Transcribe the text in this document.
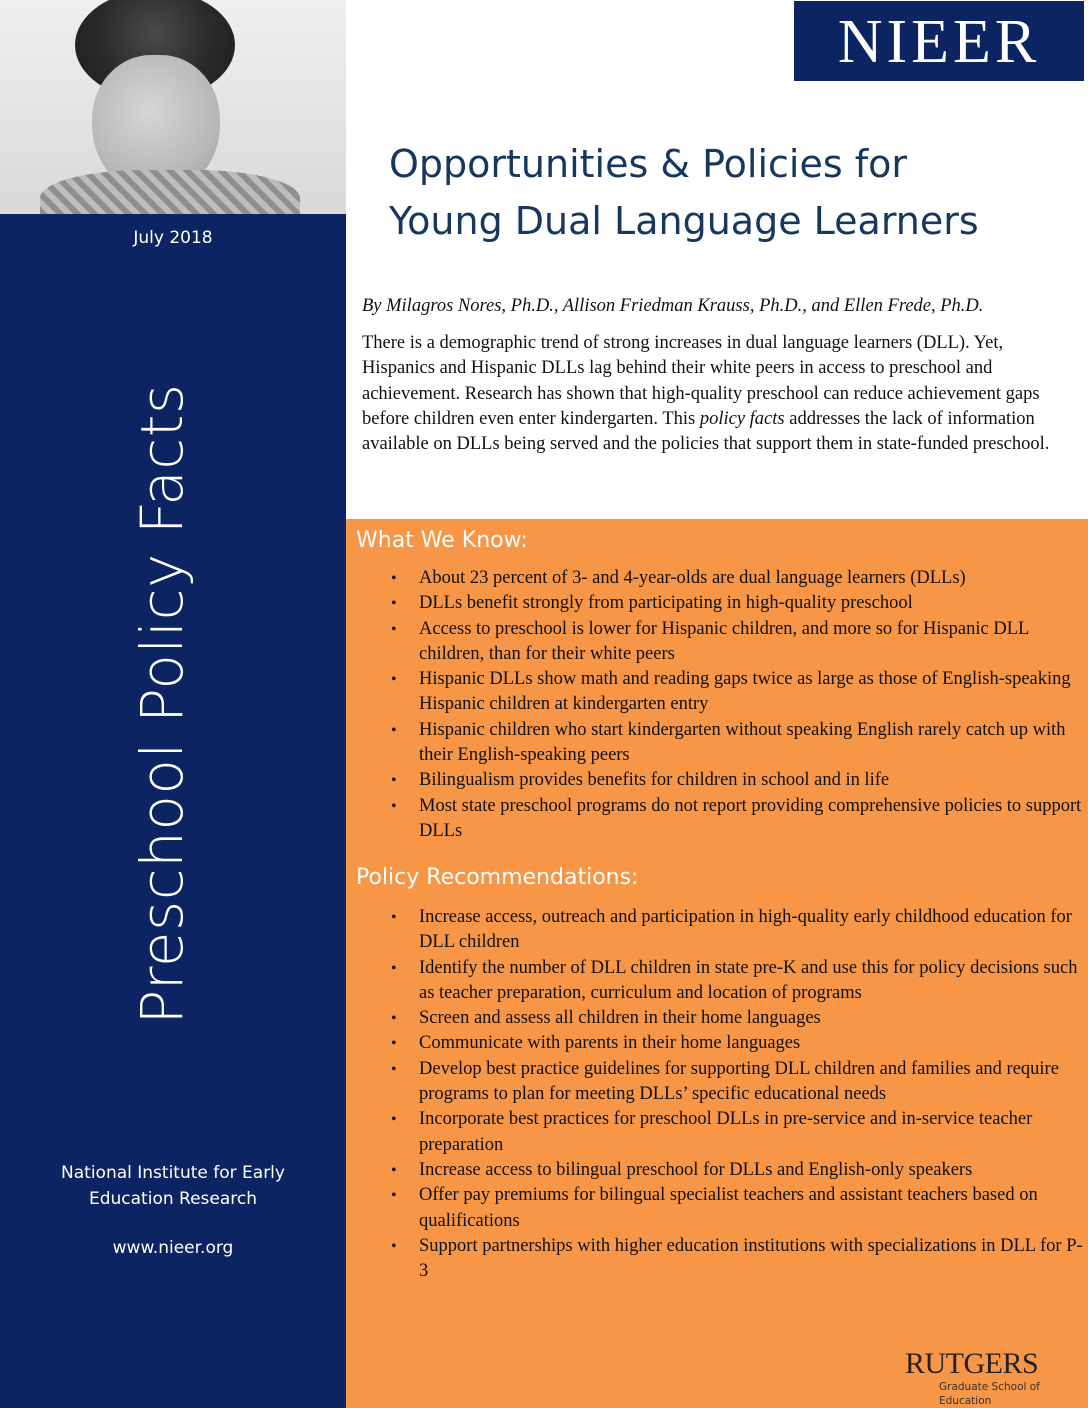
July 2018
Preschool Policy Facts
National Institute for Early
Education Research
www.nieer.org
NIEER
Opportunities & Policies for
Young Dual Language Learners
By Milagros Nores, Ph.D., Allison Friedman Krauss, Ph.D., and Ellen Frede, Ph.D.
There is a demographic trend of strong increases in dual language learners (DLL). Yet, Hispanics and Hispanic DLLs lag behind their white peers in access to preschool and achievement. Research has shown that high-quality preschool can reduce achievement gaps before children even enter kindergarten. This policy facts addresses the lack of information available on DLLs being served and the policies that support them in state-funded preschool.
What We Know:
• About 23 percent of 3- and 4-year-olds are dual language learners (DLLs)
• DLLs benefit strongly from participating in high-quality preschool
• Access to preschool is lower for Hispanic children, and more so for Hispanic DLL children, than for their white peers
• Hispanic DLLs show math and reading gaps twice as large as those of English-speaking Hispanic children at kindergarten entry
• Hispanic children who start kindergarten without speaking English rarely catch up with their English-speaking peers
• Bilingualism provides benefits for children in school and in life
• Most state preschool programs do not report providing comprehensive policies to support DLLs
Policy Recommendations:
• Increase access, outreach and participation in high-quality early childhood education for DLL children
• Identify the number of DLL children in state pre-K and use this for policy decisions such as teacher preparation, curriculum and location of programs
• Screen and assess all children in their home languages
• Communicate with parents in their home languages
• Develop best practice guidelines for supporting DLL children and families and require programs to plan for meeting DLLs’ specific educational needs
• Incorporate best practices for preschool DLLs in pre-service and in-service teacher preparation
• Increase access to bilingual preschool for DLLs and English-only speakers
• Offer pay premiums for bilingual specialist teachers and assistant teachers based on qualifications
• Support partnerships with higher education institutions with specializations in DLL for P-3
RUTGERS
Graduate School of Education
